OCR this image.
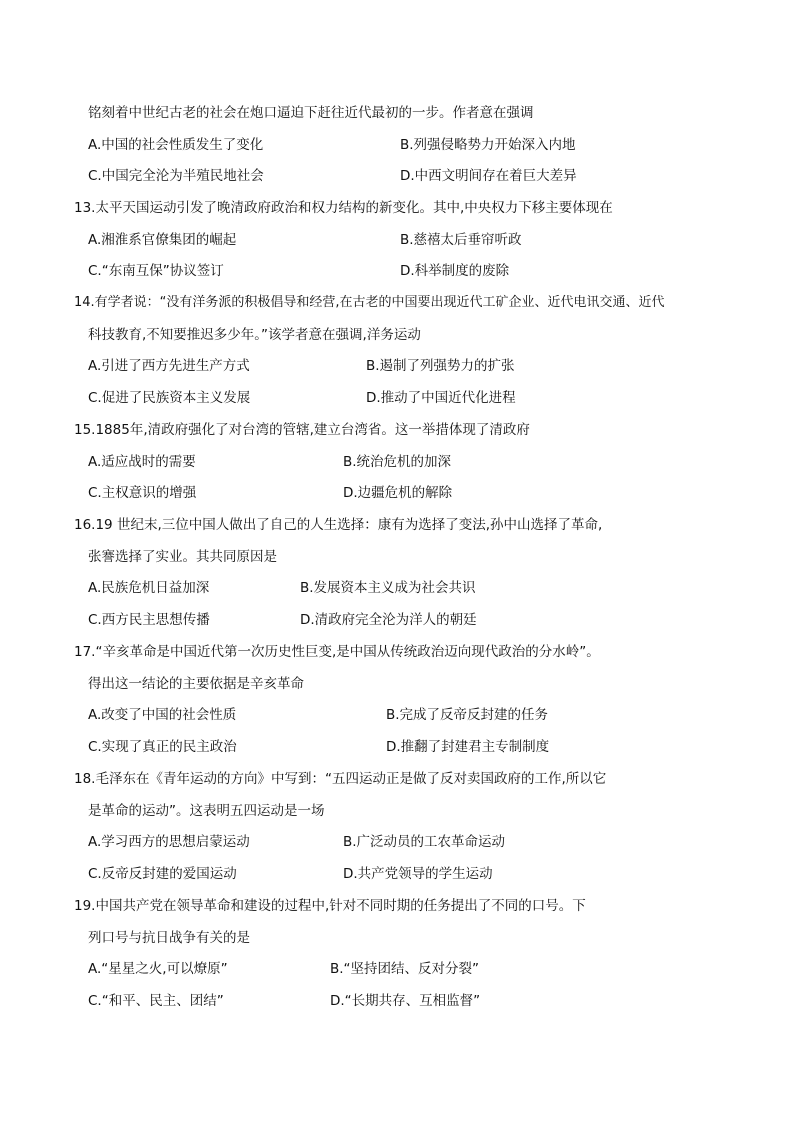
铭刻着中世纪古老的社会在炮口逼迫下赶往近代最初的一步。作者意在强调
A.中国的社会性质发生了变化	B.列强侵略势力开始深入内地
C.中国完全沦为半殖民地社会	D.中西文明间存在着巨大差异
13.太平天国运动引发了晚清政府政治和权力结构的新变化。其中,中央权力下移主要体现在
A.湘淮系官僚集团的崛起	B.慈禧太后垂帘听政
C.“东南互保”协议签订	D.科举制度的废除
14.有学者说：“没有洋务派的积极倡导和经营,在古老的中国要出现近代工矿企业、近代电讯交通、近代
科技教育,不知要推迟多少年。”该学者意在强调,洋务运动
A.引进了西方先进生产方式	B.遏制了列强势力的扩张
C.促进了民族资本主义发展	D.推动了中国近代化进程
15.1885年,清政府强化了对台湾的管辖,建立台湾省。这一举措体现了清政府
A.适应战时的需要	B.统治危机的加深
C.主权意识的增强	D.边疆危机的解除
16.19 世纪末,三位中国人做出了自己的人生选择：康有为选择了变法,孙中山选择了革命,
张謇选择了实业。其共同原因是
A.民族危机日益加深	B.发展资本主义成为社会共识
C.西方民主思想传播	D.清政府完全沦为洋人的朝廷
17.“辛亥革命是中国近代第一次历史性巨变,是中国从传统政治迈向现代政治的分水岭”。
得出这一结论的主要依据是辛亥革命
A.改变了中国的社会性质	B.完成了反帝反封建的任务
C.实现了真正的民主政治	D.推翻了封建君主专制制度
18.毛泽东在《青年运动的方向》中写到：“五四运动正是做了反对卖国政府的工作,所以它
是革命的运动”。这表明五四运动是一场
A.学习西方的思想启蒙运动	B.广泛动员的工农革命运动
C.反帝反封建的爱国运动	D.共产党领导的学生运动
19.中国共产党在领导革命和建设的过程中,针对不同时期的任务提出了不同的口号。下
列口号与抗日战争有关的是
A.“星星之火,可以燎原”	B.“坚持团结、反对分裂”
C.“和平、民主、团结”	D.“长期共存、互相监督”
